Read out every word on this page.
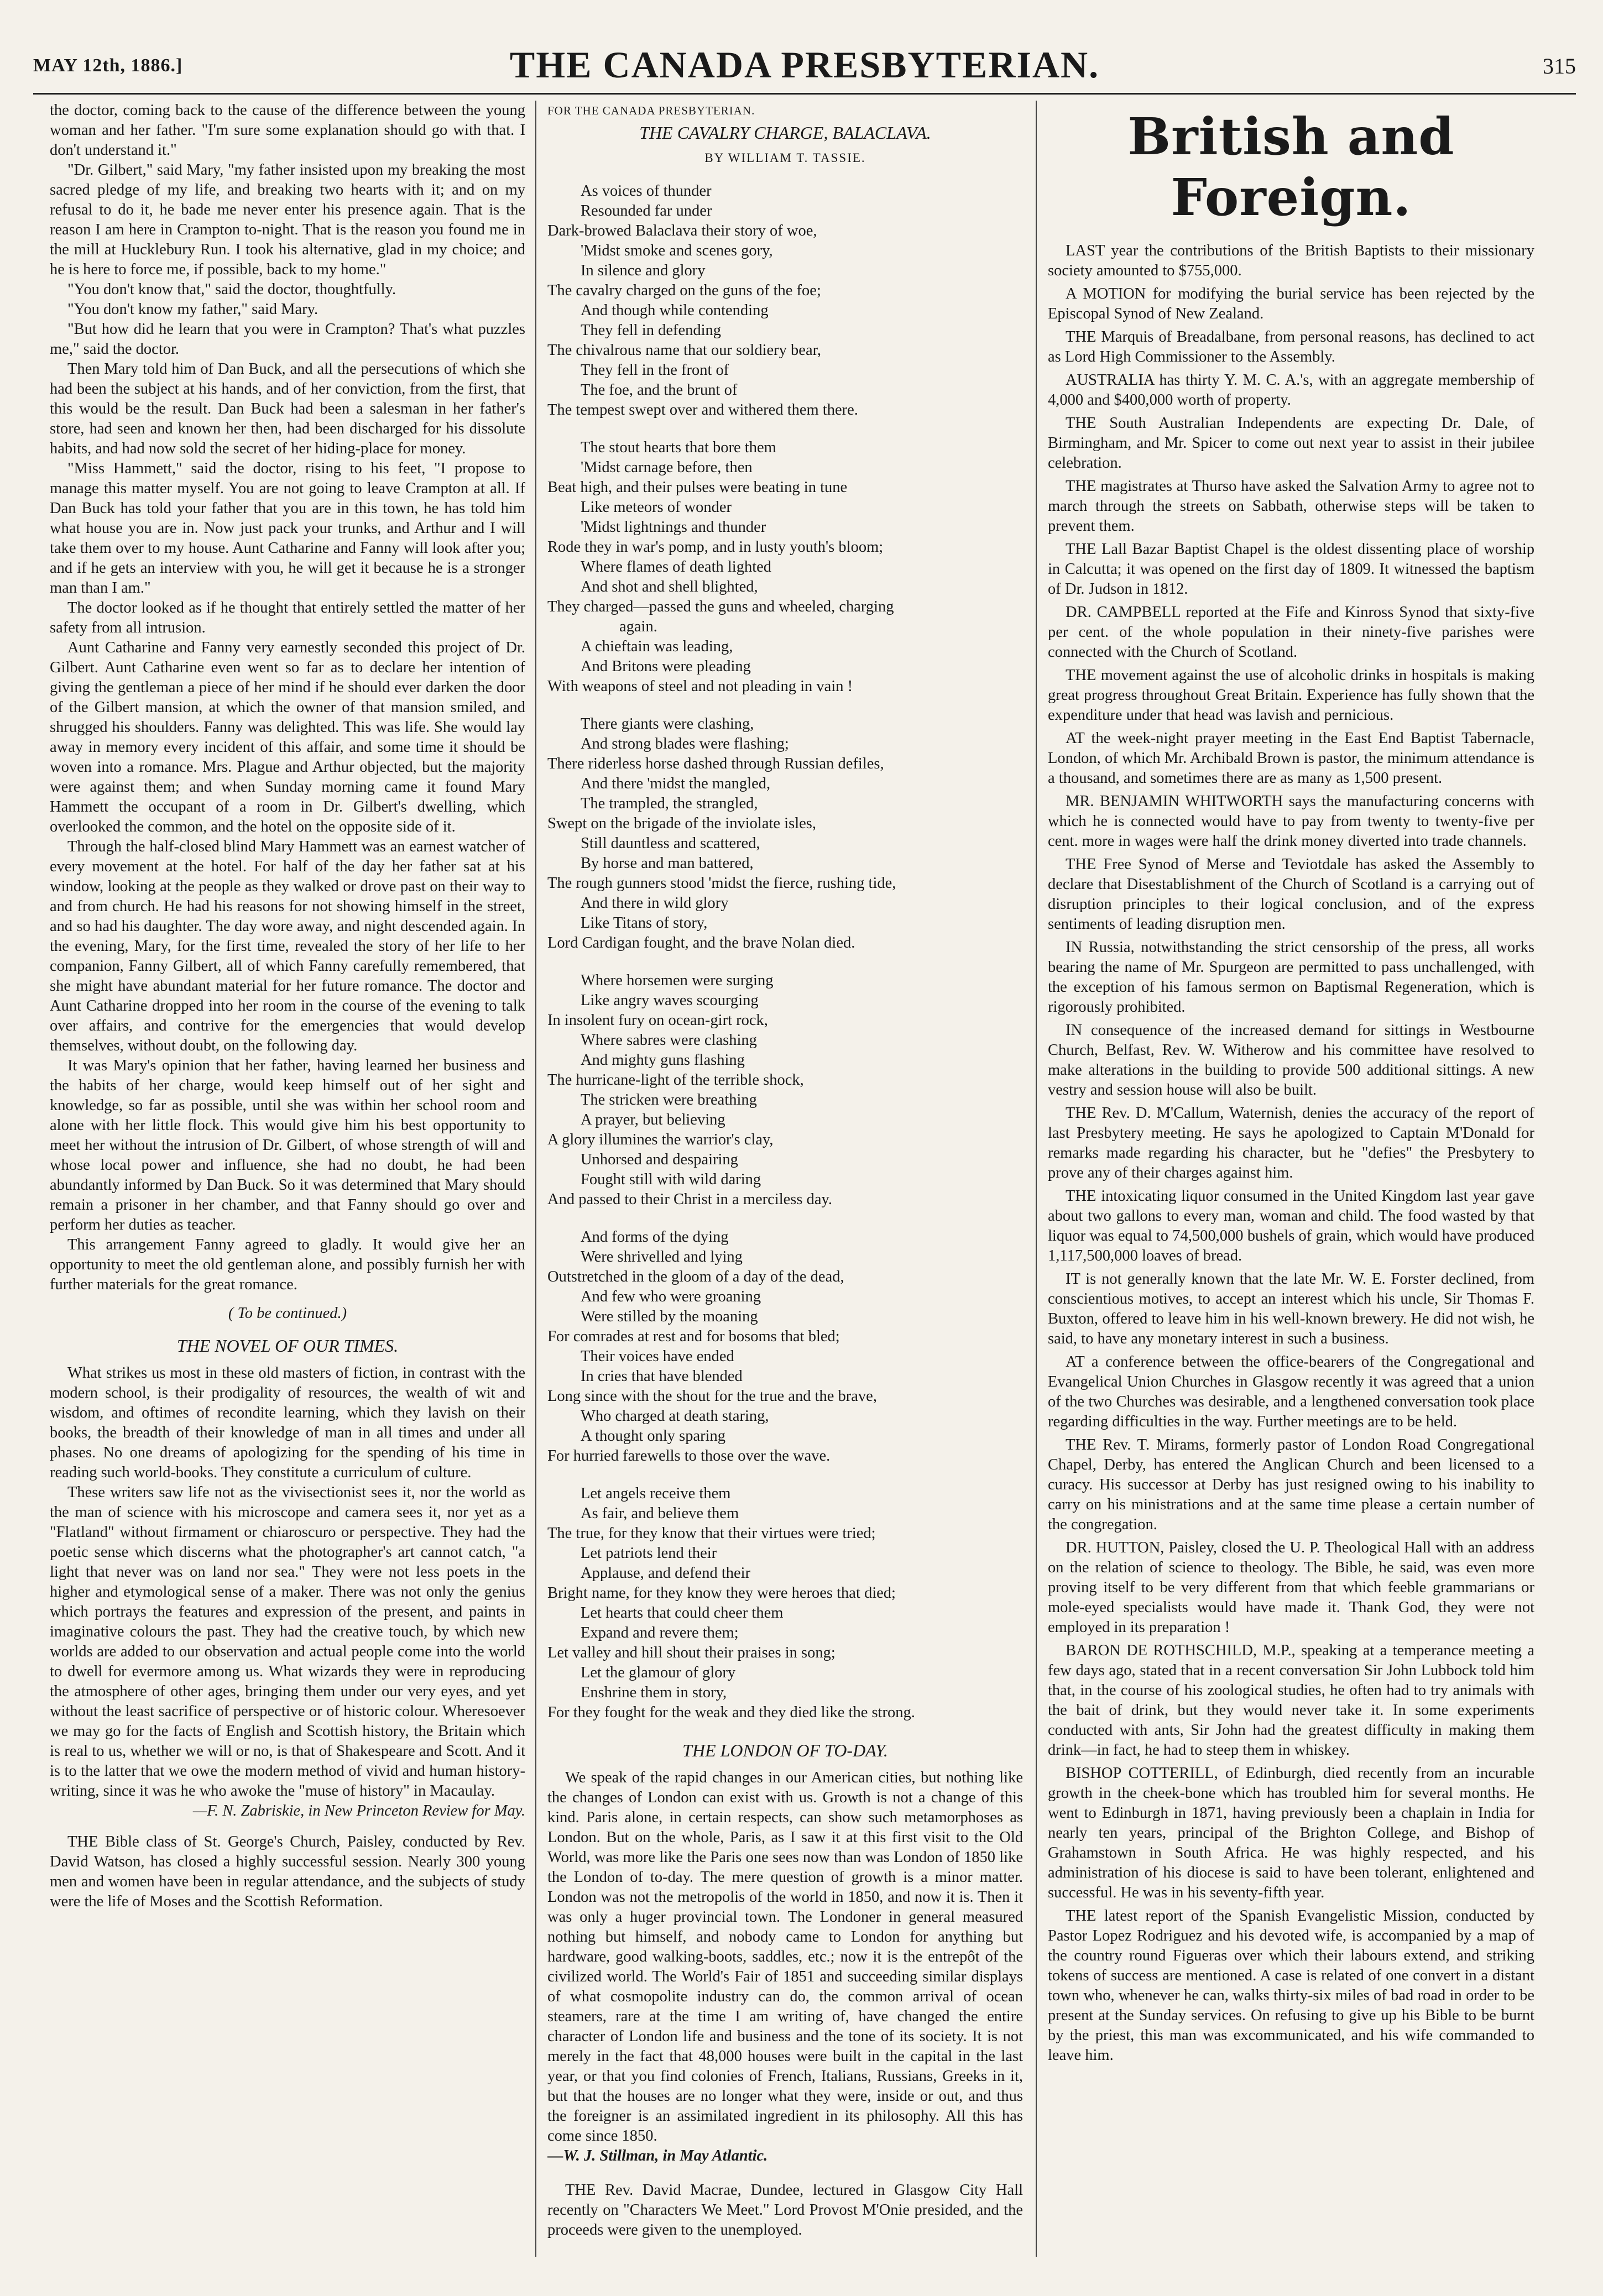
MAY 12th, 1886.]	THE CANADA PRESBYTERIAN.	315

the doctor, coming back to the cause of the difference between the young woman and her father. "I'm sure some explanation should go with that. I don't understand it."

"Dr. Gilbert," said Mary, "my father insisted upon my breaking the most sacred pledge of my life, and breaking two hearts with it; and on my refusal to do it, he bade me never enter his presence again. That is the reason I am here in Crampton to-night. That is the reason you found me in the mill at Hucklebury Run. I took his alternative, glad in my choice; and he is here to force me, if possible, back to my home."

"You don't know that," said the doctor, thoughtfully.

"You don't know my father," said Mary.

"But how did he learn that you were in Crampton? That's what puzzles me," said the doctor.

Then Mary told him of Dan Buck, and all the persecutions of which she had been the subject at his hands, and of her conviction, from the first, that this would be the result. Dan Buck had been a salesman in her father's store, had seen and known her then, had been discharged for his dissolute habits, and had now sold the secret of her hiding-place for money.

"Miss Hammett," said the doctor, rising to his feet, "I propose to manage this matter myself. You are not going to leave Crampton at all. If Dan Buck has told your father that you are in this town, he has told him what house you are in. Now just pack your trunks, and Arthur and I will take them over to my house. Aunt Catharine and Fanny will look after you; and if he gets an interview with you, he will get it because he is a stronger man than I am."

The doctor looked as if he thought that entirely settled the matter of her safety from all intrusion.

Aunt Catharine and Fanny very earnestly seconded this project of Dr. Gilbert. Aunt Catharine even went so far as to declare her intention of giving the gentleman a piece of her mind if he should ever darken the door of the Gilbert mansion, at which the owner of that mansion smiled, and shrugged his shoulders. Fanny was delighted. This was life. She would lay away in memory every incident of this affair, and some time it should be woven into a romance. Mrs. Plague and Arthur objected, but the majority were against them; and when Sunday morning came it found Mary Hammett the occupant of a room in Dr. Gilbert's dwelling, which overlooked the common, and the hotel on the opposite side of it.

Through the half-closed blind Mary Hammett was an earnest watcher of every movement at the hotel. For half of the day her father sat at his window, looking at the people as they walked or drove past on their way to and from church. He had his reasons for not showing himself in the street, and so had his daughter. The day wore away, and night descended again. In the evening, Mary, for the first time, revealed the story of her life to her companion, Fanny Gilbert, all of which Fanny carefully remembered, that she might have abundant material for her future romance. The doctor and Aunt Catharine dropped into her room in the course of the evening to talk over affairs, and contrive for the emergencies that would develop themselves, without doubt, on the following day.

It was Mary's opinion that her father, having learned her business and the habits of her charge, would keep himself out of her sight and knowledge, so far as possible, until she was within her school room and alone with her little flock. This would give him his best opportunity to meet her without the intrusion of Dr. Gilbert, of whose strength of will and whose local power and influence, she had no doubt, he had been abundantly informed by Dan Buck. So it was determined that Mary should remain a prisoner in her chamber, and that Fanny should go over and perform her duties as teacher.

This arrangement Fanny agreed to gladly. It would give her an opportunity to meet the old gentleman alone, and possibly furnish her with further materials for the great romance.

( To be continued.)

THE NOVEL OF OUR TIMES.

What strikes us most in these old masters of fiction, in contrast with the modern school, is their prodigality of resources, the wealth of wit and wisdom, and oftimes of recondite learning, which they lavish on their books, the breadth of their knowledge of man in all times and under all phases. No one dreams of apologizing for the spending of his time in reading such world-books. They constitute a curriculum of culture.

These writers saw life not as the vivisectionist sees it, nor the world as the man of science with his microscope and camera sees it, nor yet as a "Flatland" without firmament or chiaroscuro or perspective. They had the poetic sense which discerns what the photographer's art cannot catch, "a light that never was on land nor sea." They were not less poets in the higher and etymological sense of a maker. There was not only the genius which portrays the features and expression of the present, and paints in imaginative colours the past. They had the creative touch, by which new worlds are added to our observation and actual people come into the world to dwell for evermore among us. What wizards they were in reproducing the atmosphere of other ages, bringing them under our very eyes, and yet without the least sacrifice of perspective or of historic colour. Wheresoever we may go for the facts of English and Scottish history, the Britain which is real to us, whether we will or no, is that of Shakespeare and Scott. And it is to the latter that we owe the modern method of vivid and human history-writing, since it was he who awoke the "muse of history" in Macaulay.

—F. N. Zabriskie, in New Princeton Review for May.

THE Bible class of St. George's Church, Paisley, conducted by Rev. David Watson, has closed a highly successful session. Nearly 300 young men and women have been in regular attendance, and the subjects of study were the life of Moses and the Scottish Reformation.

FOR THE CANADA PRESBYTERIAN.

THE CAVALRY CHARGE, BALACLAVA.

BY WILLIAM T. TASSIE.

As voices of thunder
Resounded far under
Dark-browed Balaclava their story of woe,
'Midst smoke and scenes gory,
In silence and glory
The cavalry charged on the guns of the foe;
And though while contending
They fell in defending
The chivalrous name that our soldiery bear,
They fell in the front of
The foe, and the brunt of
The tempest swept over and withered them there.
The stout hearts that bore them
'Midst carnage before, then
Beat high, and their pulses were beating in tune
Like meteors of wonder
'Midst lightnings and thunder
Rode they in war's pomp, and in lusty youth's bloom;
Where flames of death lighted
And shot and shell blighted,
They charged—passed the guns and wheeled, charging
again.
A chieftain was leading,
And Britons were pleading
With weapons of steel and not pleading in vain !
There giants were clashing,
And strong blades were flashing;
There riderless horse dashed through Russian defiles,
And there 'midst the mangled,
The trampled, the strangled,
Swept on the brigade of the inviolate isles,
Still dauntless and scattered,
By horse and man battered,
The rough gunners stood 'midst the fierce, rushing tide,
And there in wild glory
Like Titans of story,
Lord Cardigan fought, and the brave Nolan died.
Where horsemen were surging
Like angry waves scourging
In insolent fury on ocean-girt rock,
Where sabres were clashing
And mighty guns flashing
The hurricane-light of the terrible shock,
The stricken were breathing
A prayer, but believing
A glory illumines the warrior's clay,
Unhorsed and despairing
Fought still with wild daring
And passed to their Christ in a merciless day.
And forms of the dying
Were shrivelled and lying
Outstretched in the gloom of a day of the dead,
And few who were groaning
Were stilled by the moaning
For comrades at rest and for bosoms that bled;
Their voices have ended
In cries that have blended
Long since with the shout for the true and the brave,
Who charged at death staring,
A thought only sparing
For hurried farewells to those over the wave.
Let angels receive them
As fair, and believe them
The true, for they know that their virtues were tried;
Let patriots lend their
Applause, and defend their
Bright name, for they know they were heroes that died;
Let hearts that could cheer them
Expand and revere them;
Let valley and hill shout their praises in song;
Let the glamour of glory
Enshrine them in story,
For they fought for the weak and they died like the strong.

THE LONDON OF TO-DAY.

We speak of the rapid changes in our American cities, but nothing like the changes of London can exist with us. Growth is not a change of this kind. Paris alone, in certain respects, can show such metamorphoses as London. But on the whole, Paris, as I saw it at this first visit to the Old World, was more like the Paris one sees now than was London of 1850 like the London of to-day. The mere question of growth is a minor matter. London was not the metropolis of the world in 1850, and now it is. Then it was only a huger provincial town. The Londoner in general measured nothing but himself, and nobody came to London for anything but hardware, good walking-boots, saddles, etc.; now it is the entrepôt of the civilized world. The World's Fair of 1851 and succeeding similar displays of what cosmopolite industry can do, the common arrival of ocean steamers, rare at the time I am writing of, have changed the entire character of London life and business and the tone of its society. It is not merely in the fact that 48,000 houses were built in the capital in the last year, or that you find colonies of French, Italians, Russians, Greeks in it, but that the houses are no longer what they were, inside or out, and thus the foreigner is an assimilated ingredient in its philosophy. All this has come since 1850.

—W. J. Stillman, in May Atlantic.

THE Rev. David Macrae, Dundee, lectured in Glasgow City Hall recently on "Characters We Meet." Lord Provost M'Onie presided, and the proceeds were given to the unemployed.

British and Foreign.

LAST year the contributions of the British Baptists to their missionary society amounted to $755,000.

A MOTION for modifying the burial service has been rejected by the Episcopal Synod of New Zealand.

THE Marquis of Breadalbane, from personal reasons, has declined to act as Lord High Commissioner to the Assembly.

AUSTRALIA has thirty Y. M. C. A.'s, with an aggregate membership of 4,000 and $400,000 worth of property.

THE South Australian Independents are expecting Dr. Dale, of Birmingham, and Mr. Spicer to come out next year to assist in their jubilee celebration.

THE magistrates at Thurso have asked the Salvation Army to agree not to march through the streets on Sabbath, otherwise steps will be taken to prevent them.

THE Lall Bazar Baptist Chapel is the oldest dissenting place of worship in Calcutta; it was opened on the first day of 1809. It witnessed the baptism of Dr. Judson in 1812.

DR. CAMPBELL reported at the Fife and Kinross Synod that sixty-five per cent. of the whole population in their ninety-five parishes were connected with the Church of Scotland.

THE movement against the use of alcoholic drinks in hospitals is making great progress throughout Great Britain. Experience has fully shown that the expenditure under that head was lavish and pernicious.

AT the week-night prayer meeting in the East End Baptist Tabernacle, London, of which Mr. Archibald Brown is pastor, the minimum attendance is a thousand, and sometimes there are as many as 1,500 present.

MR. BENJAMIN WHITWORTH says the manufacturing concerns with which he is connected would have to pay from twenty to twenty-five per cent. more in wages were half the drink money diverted into trade channels.

THE Free Synod of Merse and Teviotdale has asked the Assembly to declare that Disestablishment of the Church of Scotland is a carrying out of disruption principles to their logical conclusion, and of the express sentiments of leading disruption men.

IN Russia, notwithstanding the strict censorship of the press, all works bearing the name of Mr. Spurgeon are permitted to pass unchallenged, with the exception of his famous sermon on Baptismal Regeneration, which is rigorously prohibited.

IN consequence of the increased demand for sittings in Westbourne Church, Belfast, Rev. W. Witherow and his committee have resolved to make alterations in the building to provide 500 additional sittings. A new vestry and session house will also be built.

THE Rev. D. M'Callum, Waternish, denies the accuracy of the report of last Presbytery meeting. He says he apologized to Captain M'Donald for remarks made regarding his character, but he "defies" the Presbytery to prove any of their charges against him.

THE intoxicating liquor consumed in the United Kingdom last year gave about two gallons to every man, woman and child. The food wasted by that liquor was equal to 74,500,000 bushels of grain, which would have produced 1,117,500,000 loaves of bread.

IT is not generally known that the late Mr. W. E. Forster declined, from conscientious motives, to accept an interest which his uncle, Sir Thomas F. Buxton, offered to leave him in his well-known brewery. He did not wish, he said, to have any monetary interest in such a business.

AT a conference between the office-bearers of the Congregational and Evangelical Union Churches in Glasgow recently it was agreed that a union of the two Churches was desirable, and a lengthened conversation took place regarding difficulties in the way. Further meetings are to be held.

THE Rev. T. Mirams, formerly pastor of London Road Congregational Chapel, Derby, has entered the Anglican Church and been licensed to a curacy. His successor at Derby has just resigned owing to his inability to carry on his ministrations and at the same time please a certain number of the congregation.

DR. HUTTON, Paisley, closed the U. P. Theological Hall with an address on the relation of science to theology. The Bible, he said, was even more proving itself to be very different from that which feeble grammarians or mole-eyed specialists would have made it. Thank God, they were not employed in its preparation !

BARON DE ROTHSCHILD, M.P., speaking at a temperance meeting a few days ago, stated that in a recent conversation Sir John Lubbock told him that, in the course of his zoological studies, he often had to try animals with the bait of drink, but they would never take it. In some experiments conducted with ants, Sir John had the greatest difficulty in making them drink—in fact, he had to steep them in whiskey.

BISHOP COTTERILL, of Edinburgh, died recently from an incurable growth in the cheek-bone which has troubled him for several months. He went to Edinburgh in 1871, having previously been a chaplain in India for nearly ten years, principal of the Brighton College, and Bishop of Grahamstown in South Africa. He was highly respected, and his administration of his diocese is said to have been tolerant, enlightened and successful. He was in his seventy-fifth year.

THE latest report of the Spanish Evangelistic Mission, conducted by Pastor Lopez Rodriguez and his devoted wife, is accompanied by a map of the country round Figueras over which their labours extend, and striking tokens of success are mentioned. A case is related of one convert in a distant town who, whenever he can, walks thirty-six miles of bad road in order to be present at the Sunday services. On refusing to give up his Bible to be burnt by the priest, this man was excommunicated, and his wife commanded to leave him.
